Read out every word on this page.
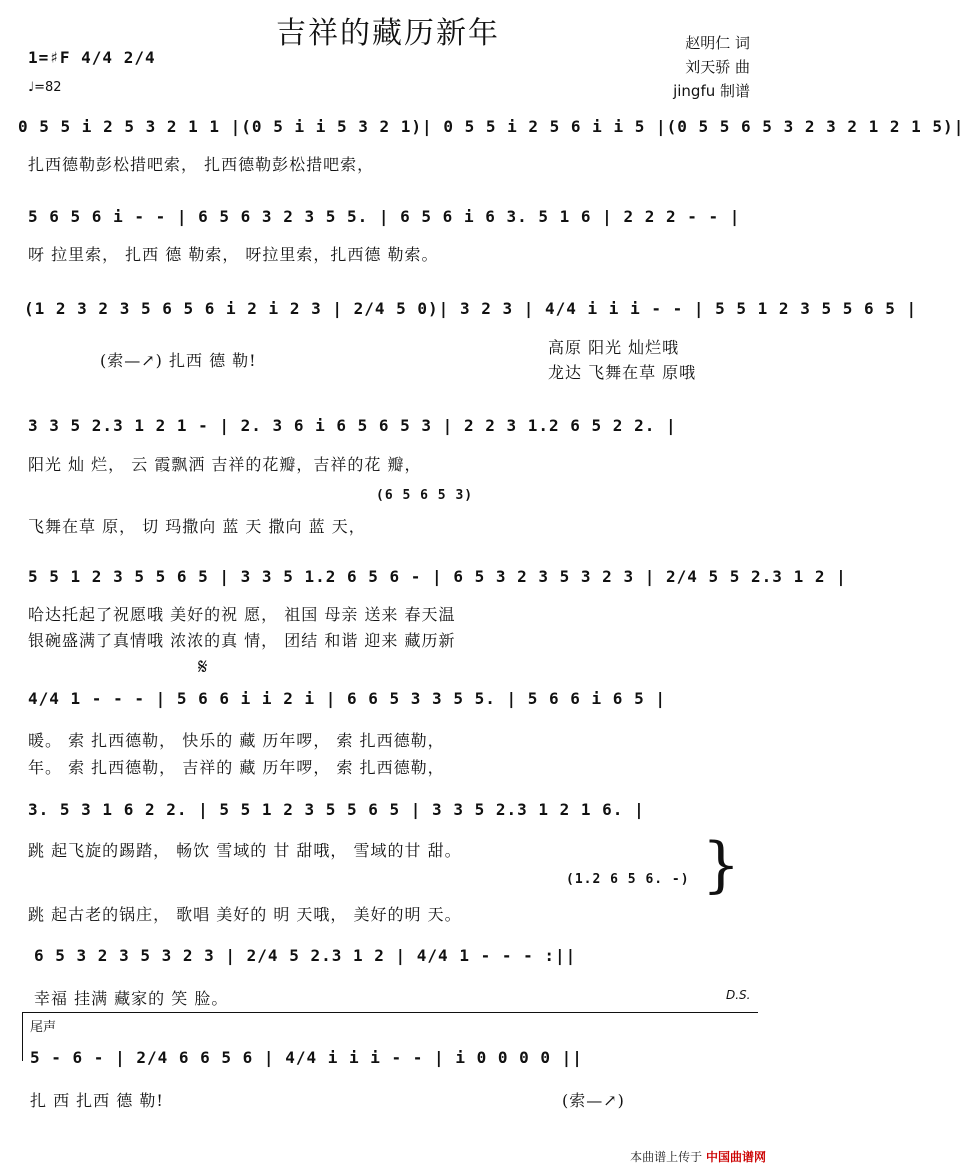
吉祥的藏历新年
1=♯F 4/4 2/4
♩=82
赵明仁 词
刘天骄 曲
jingfu 制谱
0 5 5 i 2 5 3 2 1 1 |(0 5 i i 5 3 2 1)| 0 5 5 i 2 5 6 i i 5 |(0 5 5 6 5 3 2 3 2 1 2 1 5)|
扎西德勒彭松措吧索， 扎西德勒彭松措吧索，
5 6 5 6 i - - | 6 5 6 3 2 3 5 5. | 6 5 6 i 6 3. 5 1 6 | 2 2 2 - - |
呀 拉里索， 扎西 德 勒索， 呀拉里索，扎西德 勒索。
(1 2 3 2 3 5 6 5 6 i 2 i 2 3 | 2/4 5 0)| 3 2 3 | 4/4 i i i - - | 5 5 1 2 3 5 5 6 5 |
(索—↗) 扎西 德 勒!
高原 阳光 灿烂哦
龙达 飞舞在草 原哦
3 3 5 2.3 1 2 1 - | 2. 3 6 i 6 5 6 5 3 | 2 2 3 1.2 6 5 2 2. |
阳光 灿 烂， 云 霞飘洒 吉祥的花瓣，吉祥的花 瓣，
(6 5 6 5 3)
飞舞在草 原， 切 玛撒向 蓝 天 撒向 蓝 天，
5 5 1 2 3 5 5 6 5 | 3 3 5 1.2 6 5 6 - | 6 5 3 2 3 5 3 2 3 | 2/4 5 5 2.3 1 2 |
哈达托起了祝愿哦 美好的祝 愿， 祖国 母亲 送来 春天温
银碗盛满了真情哦 浓浓的真 情， 团结 和谐 迎来 藏历新
𝄋
4/4 1 - - - | 5 6 6 i i 2 i | 6 6 5 3 3 5 5. | 5 6 6 i 6 5 |
暖。 索 扎西德勒， 快乐的 藏 历年啰， 索 扎西德勒，
年。 索 扎西德勒， 吉祥的 藏 历年啰， 索 扎西德勒，
3. 5 3 1 6 2 2. | 5 5 1 2 3 5 5 6 5 | 3 3 5 2.3 1 2 1 6. |
跳 起飞旋的踢踏， 畅饮 雪域的 甘 甜哦， 雪域的甘 甜。
(1.2 6 5 6. -)
跳 起古老的锅庄， 歌唱 美好的 明 天哦， 美好的明 天。
}
6 5 3 2 3 5 3 2 3 | 2/4 5 2.3 1 2 | 4/4 1 - - - :||
幸福 挂满 藏家的 笑 脸。	D.S.
尾声
5 - 6 - | 2/4 6 6 5 6 | 4/4 i i i - - | i 0 0 0 0 ||
扎 西 扎西 德 勒!	(索—↗)
本曲谱上传于 中国曲谱网
